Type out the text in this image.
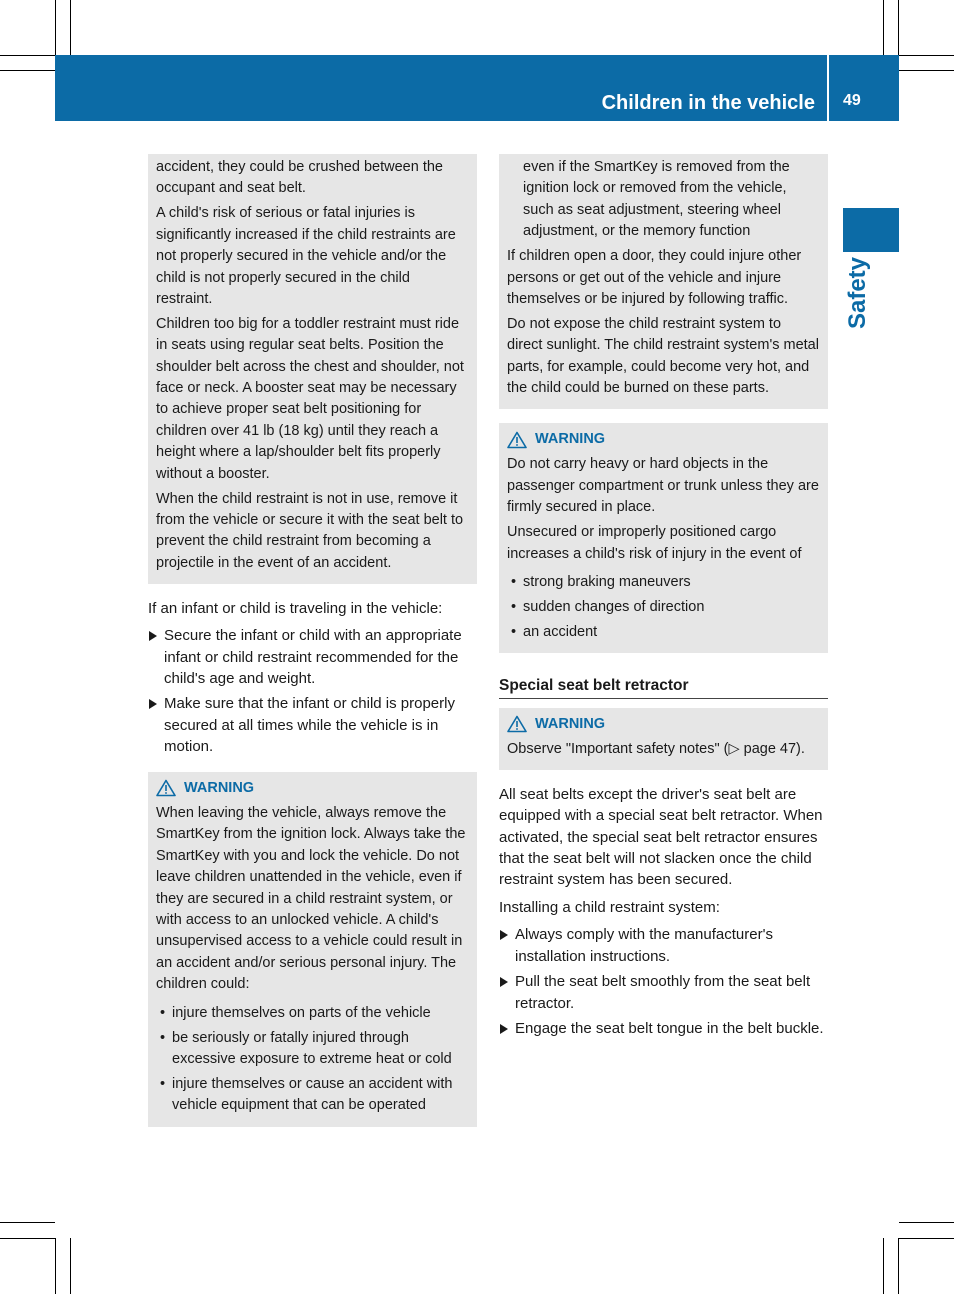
Children in the vehicle 49
Safety

accident, they could be crushed between the occupant and seat belt.

A child's risk of serious or fatal injuries is significantly increased if the child restraints are not properly secured in the vehicle and/or the child is not properly secured in the child restraint.

Children too big for a toddler restraint must ride in seats using regular seat belts. Position the shoulder belt across the chest and shoulder, not face or neck. A booster seat may be necessary to achieve proper seat belt positioning for children over 41 lb (18 kg) until they reach a height where a lap/shoulder belt fits properly without a booster.

When the child restraint is not in use, remove it from the vehicle or secure it with the seat belt to prevent the child restraint from becoming a projectile in the event of an accident.

If an infant or child is traveling in the vehicle:

Secure the infant or child with an appropriate infant or child restraint recommended for the child's age and weight.
Make sure that the infant or child is properly secured at all times while the vehicle is in motion.
WARNING

When leaving the vehicle, always remove the SmartKey from the ignition lock. Always take the SmartKey with you and lock the vehicle. Do not leave children unattended in the vehicle, even if they are secured in a child restraint system, or with access to an unlocked vehicle. A child's unsupervised access to a vehicle could result in an accident and/or serious personal injury. The children could:

• injure themselves on parts of the vehicle
• be seriously or fatally injured through excessive exposure to extreme heat or cold
• injure themselves or cause an accident with vehicle equipment that can be operated

even if the SmartKey is removed from the ignition lock or removed from the vehicle, such as seat adjustment, steering wheel adjustment, or the memory function

If children open a door, they could injure other persons or get out of the vehicle and injure themselves or be injured by following traffic.

Do not expose the child restraint system to direct sunlight. The child restraint system's metal parts, for example, could become very hot, and the child could be burned on these parts.

WARNING

Do not carry heavy or hard objects in the passenger compartment or trunk unless they are firmly secured in place.

Unsecured or improperly positioned cargo increases a child's risk of injury in the event of

• strong braking maneuvers
• sudden changes of direction
• an accident
Special seat belt retractor
WARNING

Observe "Important safety notes" (▷ page 47).

All seat belts except the driver's seat belt are equipped with a special seat belt retractor. When activated, the special seat belt retractor ensures that the seat belt will not slacken once the child restraint system has been secured.

Installing a child restraint system:

Always comply with the manufacturer's installation instructions.
Pull the seat belt smoothly from the seat belt retractor.
Engage the seat belt tongue in the belt buckle.
